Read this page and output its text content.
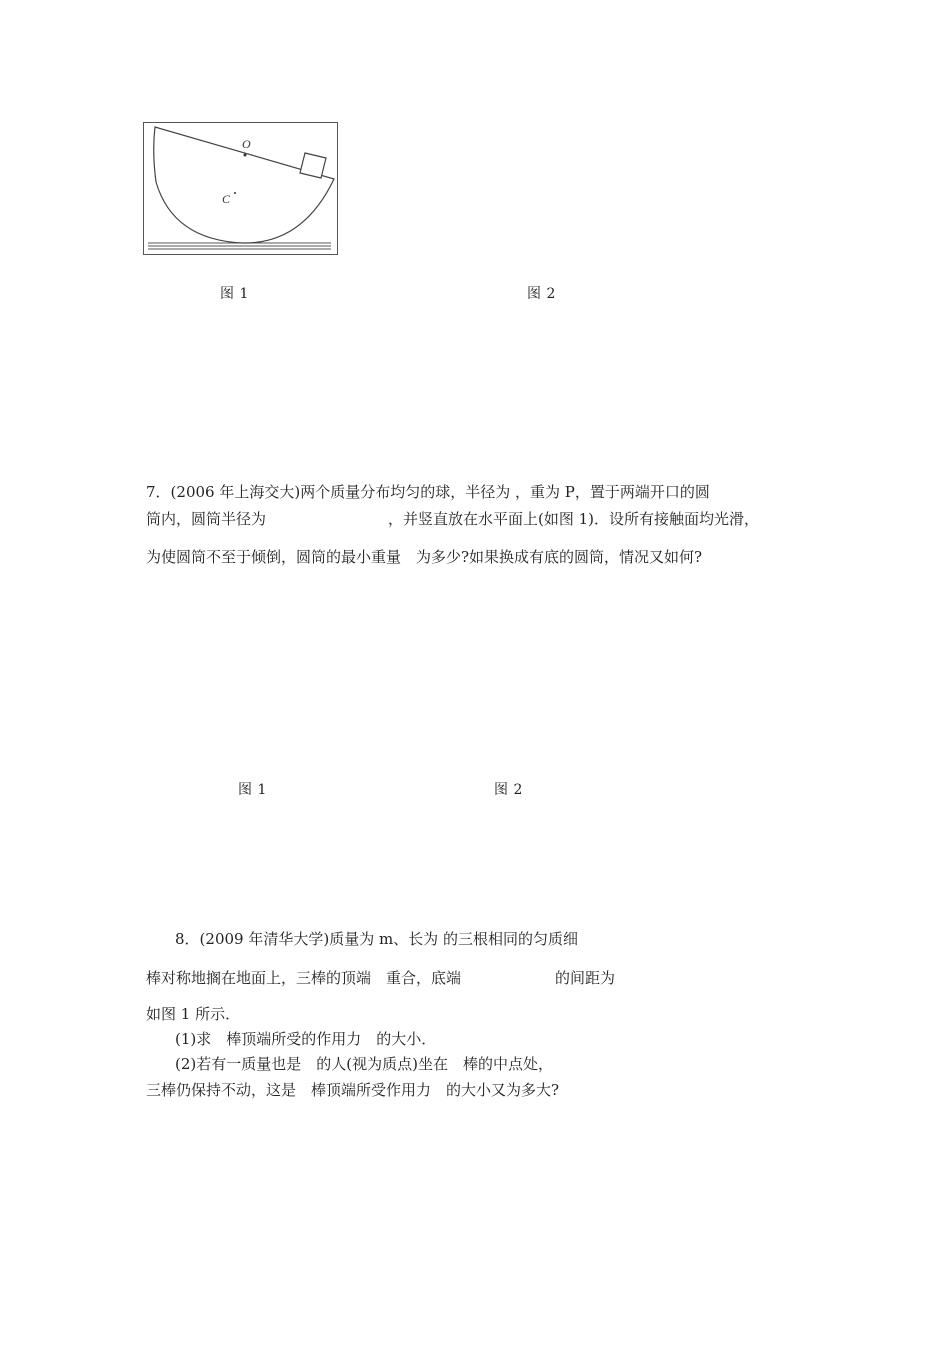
O
C
图 1	图 2
7．(2006 年上海交大)两个质量分布均匀的球，半径为 ，重为 P，置于两端开口的圆
筒内，圆筒半径为	，并竖直放在水平面上(如图 1)．设所有接触面均光滑，
为使圆筒不至于倾倒，圆筒的最小重量　为多少?如果换成有底的圆筒，情况又如何?
图 1	图 2
8．(2009 年清华大学)质量为 m、长为 的三根相同的匀质细
棒对称地搁在地面上，三棒的顶端　重合，底端	的间距为
如图 1 所示．
(1)求　棒顶端所受的作用力　的大小．
(2)若有一质量也是　的人(视为质点)坐在　棒的中点处，
三棒仍保持不动，这是　棒顶端所受作用力　的大小又为多大?
